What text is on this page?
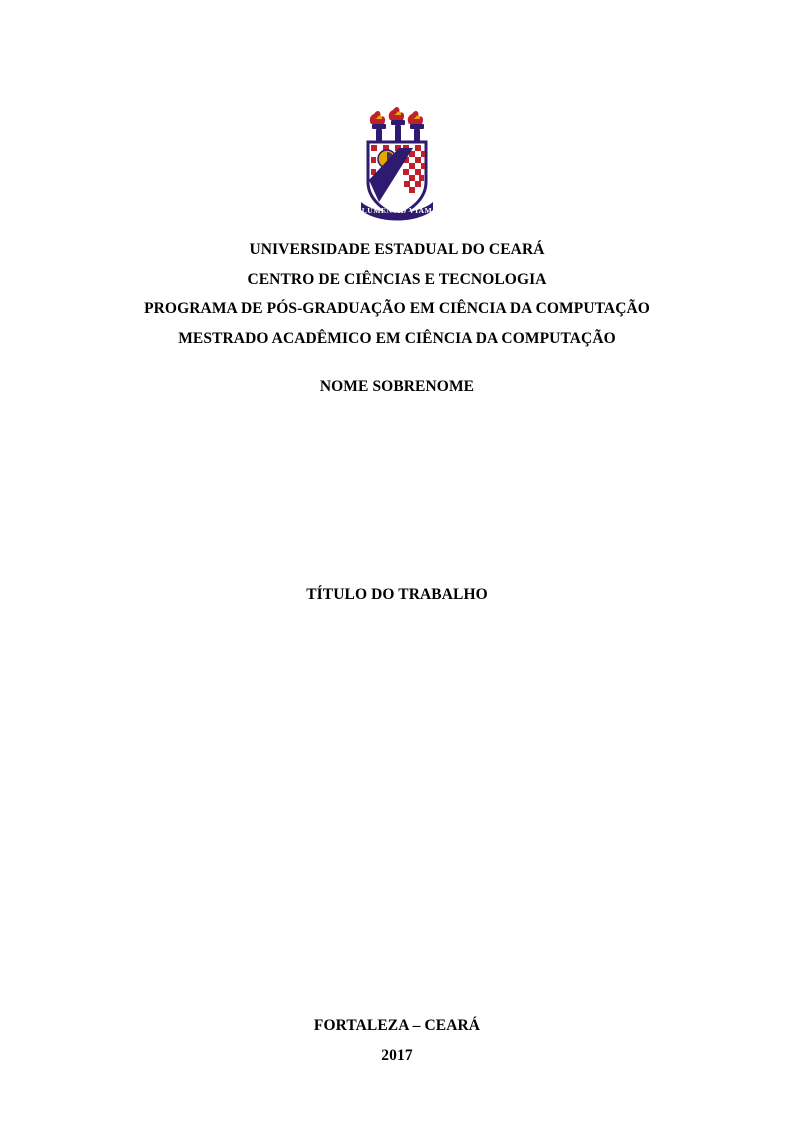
LUMEN AD VIAM
UNIVERSIDADE ESTADUAL DO CEARÁ
CENTRO DE CIÊNCIAS E TECNOLOGIA
PROGRAMA DE PÓS-GRADUAÇÃO EM CIÊNCIA DA COMPUTAÇÃO
MESTRADO ACADÊMICO EM CIÊNCIA DA COMPUTAÇÃO
NOME SOBRENOME
TÍTULO DO TRABALHO
FORTALEZA – CEARÁ
2017
